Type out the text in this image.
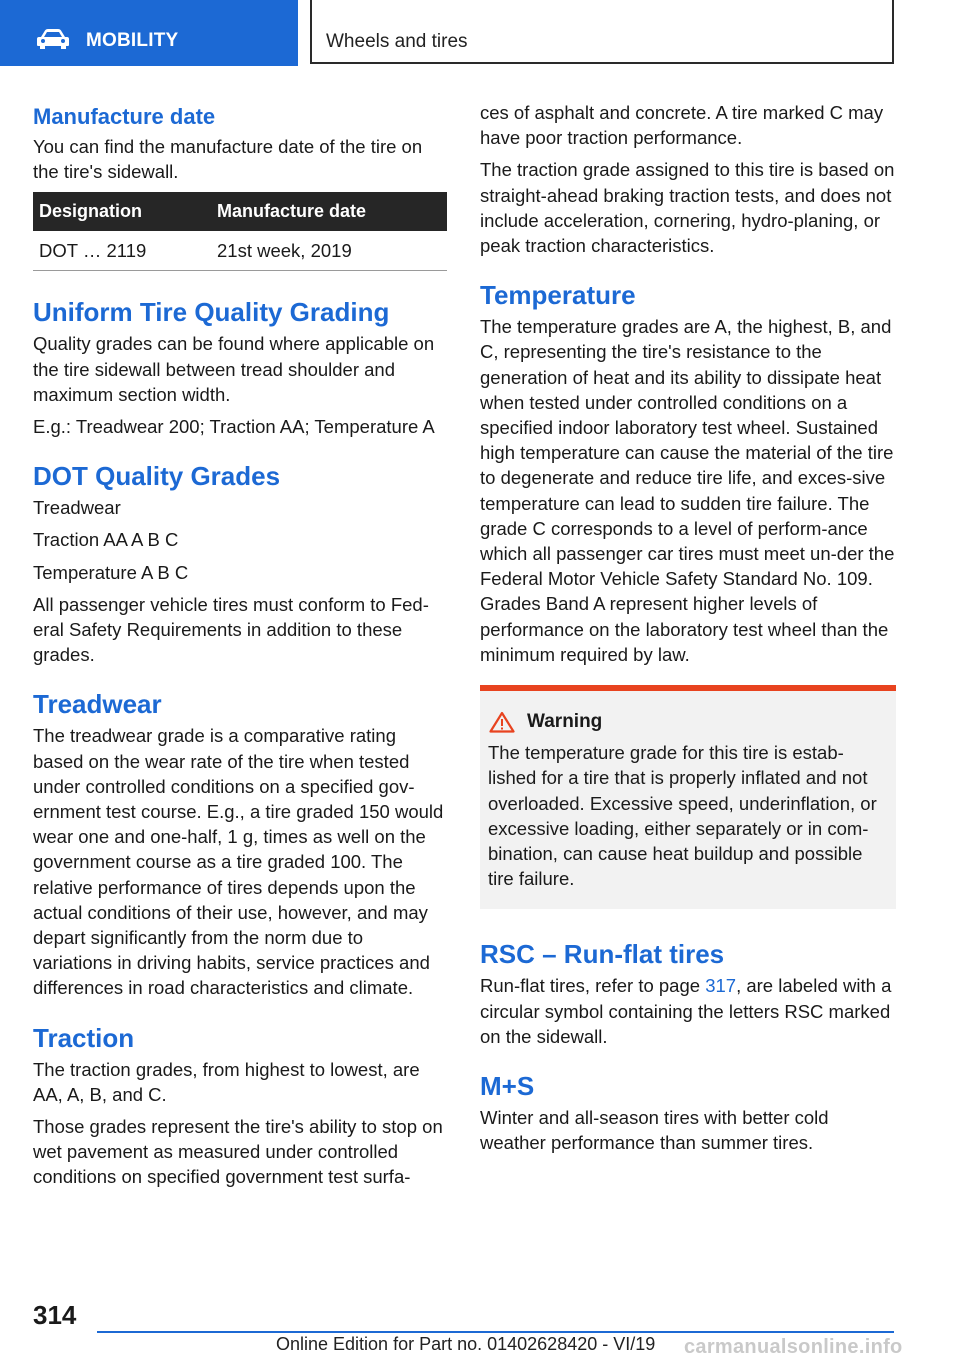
MOBILITY	Wheels and tires
Manufacture date

You can find the manufacture date of the tire on the tire's sidewall.

Designation	Manufacture date
DOT … 2119	21st week, 2019
Uniform Tire Quality Grading

Quality grades can be found where applicable on the tire sidewall between tread shoulder and maximum section width.

E.g.: Treadwear 200; Traction AA; Temperature A

DOT Quality Grades

Treadwear

Traction AA A B C

Temperature A B C

All passenger vehicle tires must conform to Fed‐eral Safety Requirements in addition to these grades.

Treadwear

The treadwear grade is a comparative rating based on the wear rate of the tire when tested under controlled conditions on a specified gov‐ernment test course. E.g., a tire graded 150 would wear one and one-half, 1 g, times as well on the government course as a tire graded 100. The relative performance of tires depends upon the actual conditions of their use, however, and may depart significantly from the norm due to variations in driving habits, service practices and differences in road characteristics and climate.

Traction

The traction grades, from highest to lowest, are AA, A, B, and C.

Those grades represent the tire's ability to stop on wet pavement as measured under controlled conditions on specified government test surfa‐

ces of asphalt and concrete. A tire marked C may have poor traction performance.

The traction grade assigned to this tire is based on straight-ahead braking traction tests, and does not include acceleration, cornering, hydro‐planing, or peak traction characteristics.

Temperature

The temperature grades are A, the highest, B, and C, representing the tire's resistance to the generation of heat and its ability to dissipate heat when tested under controlled conditions on a specified indoor laboratory test wheel. Sustained high temperature can cause the material of the tire to degenerate and reduce tire life, and exces‐sive temperature can lead to sudden tire failure. The grade C corresponds to a level of perform‐ance which all passenger car tires must meet un‐der the Federal Motor Vehicle Safety Standard No. 109. Grades Band A represent higher levels of performance on the laboratory test wheel than the minimum required by law.

Warning

The temperature grade for this tire is estab‐lished for a tire that is properly inflated and not overloaded. Excessive speed, underinflation, or excessive loading, either separately or in com‐bination, can cause heat buildup and possible tire failure.

RSC – Run-flat tires

Run-flat tires, refer to page 317, are labeled with a circular symbol containing the letters RSC marked on the sidewall.

M+S

Winter and all-season tires with better cold weather performance than summer tires.

314
Online Edition for Part no. 01402628420 - VI/19 carmanualsonline.info
